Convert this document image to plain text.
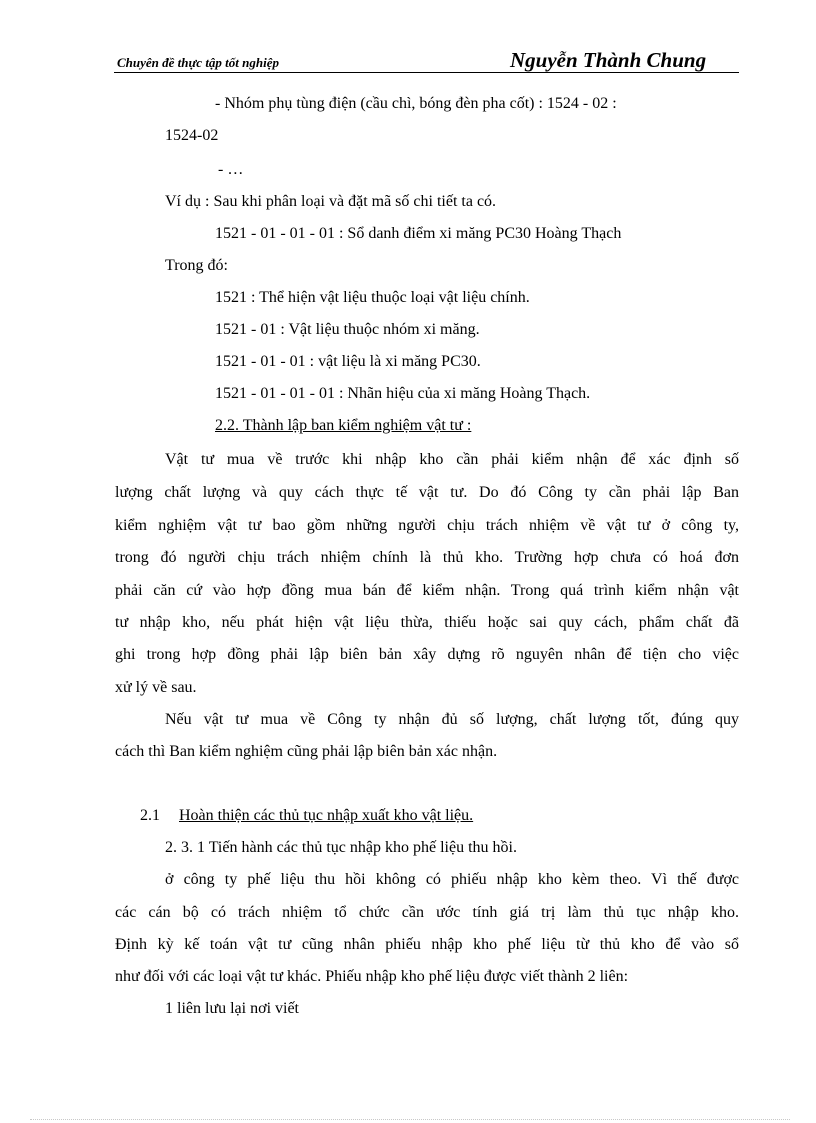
Chuyên đề thực tập tốt nghiệp	Nguyễn Thành Chung
- Nhóm phụ tùng điện (cầu chì, bóng đèn pha cốt) : 1524 - 02 :
1524-02
- …
Ví dụ : Sau khi phân loại và đặt mã số chi tiết ta có.
1521 - 01 - 01 - 01 : Sổ danh điểm xi măng PC30 Hoàng Thạch
Trong đó:
1521 : Thể hiện vật liệu thuộc loại vật liệu chính.
1521 - 01 : Vật liệu thuộc nhóm xi măng.
1521 - 01 - 01 : vật liệu là xi măng PC30.
1521 - 01 - 01 - 01 : Nhãn hiệu của xi măng Hoàng Thạch.
2.2. Thành lập ban kiểm nghiệm vật tư :
Vật tư mua về trước khi nhập kho cần phải kiểm nhận để xác định số
lượng chất lượng và quy cách thực tế vật tư. Do đó Công ty cần phải lập Ban
kiểm nghiệm vật tư bao gồm những người chịu trách nhiệm về vật tư ở công ty,
trong đó người chịu trách nhiệm chính là thủ kho. Trường hợp chưa có hoá đơn
phải căn cứ vào hợp đồng mua bán để kiểm nhận. Trong quá trình kiểm nhận vật
tư nhập kho, nếu phát hiện vật liệu thừa, thiếu hoặc sai quy cách, phẩm chất đã
ghi trong hợp đồng phải lập biên bản xây dựng rõ nguyên nhân để tiện cho việc
xử lý về sau.
Nếu vật tư mua về Công ty nhận đủ số lượng, chất lượng tốt, đúng quy
cách thì Ban kiểm nghiệm cũng phải lập biên bản xác nhận.
2.1 Hoàn thiện các thủ tục nhập xuất kho vật liệu.
2. 3. 1 Tiến hành các thủ tục nhập kho phế liệu thu hồi.
ở công ty phế liệu thu hồi không có phiếu nhập kho kèm theo. Vì thế được
các cán bộ có trách nhiệm tổ chức cần ước tính giá trị làm thủ tục nhập kho.
Định kỳ kế toán vật tư cũng nhân phiếu nhập kho phế liệu từ thủ kho để vào sổ
như đối với các loại vật tư khác. Phiếu nhập kho phế liệu được viết thành 2 liên:
1 liên lưu lại nơi viết
